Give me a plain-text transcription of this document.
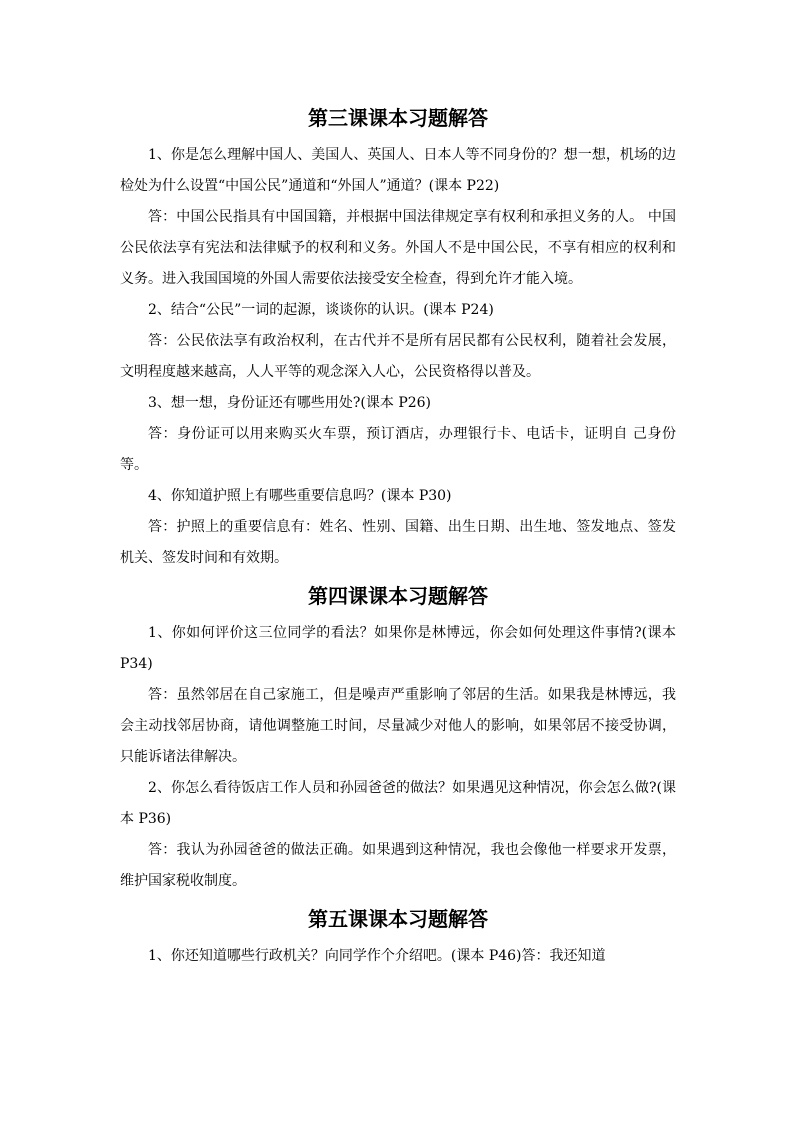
第三课课本习题解答

1、你是怎么理解中国人、美国人、英国人、日本人等不同身份的？想一想，机场的边检处为什么设置“中国公民”通道和“外国人”通道？(课本 P22)

答：中国公民指具有中国国籍，并根据中国法律规定享有权利和承担义务的人。 中国公民依法享有宪法和法律赋予的权利和义务。外国人不是中国公民，不享有相应的权利和义务。进入我国国境的外国人需要依法接受安全检查，得到允许才能入境。

2、结合“公民”一词的起源，谈谈你的认识。(课本 P24)

答：公民依法享有政治权利，在古代并不是所有居民都有公民权利，随着社会发展，文明程度越来越高，人人平等的观念深入人心，公民资格得以普及。

3、想一想，身份证还有哪些用处?(课本 P26)

答：身份证可以用来购买火车票，预订酒店，办理银行卡、电话卡，证明自 己身份等。

4、你知道护照上有哪些重要信息吗？(课本 P30)

答：护照上的重要信息有：姓名、性别、国籍、出生日期、出生地、签发地点、签发机关、签发时间和有效期。

第四课课本习题解答

1、你如何评价这三位同学的看法？如果你是林博远，你会如何处理这件事情?(课本 P34)

答：虽然邻居在自己家施工，但是噪声严重影响了邻居的生活。如果我是林博远，我会主动找邻居协商，请他调整施工时间，尽量减少对他人的影响，如果邻居不接受协调，只能诉诸法律解决。

2、你怎么看待饭店工作人员和孙园爸爸的做法？如果遇见这种情况，你会怎么做?(课本 P36)

答：我认为孙园爸爸的做法正确。如果遇到这种情况，我也会像他一样要求开发票，维护国家税收制度。

第五课课本习题解答

1、你还知道哪些行政机关？向同学作个介绍吧。(课本 P46)答：我还知道
